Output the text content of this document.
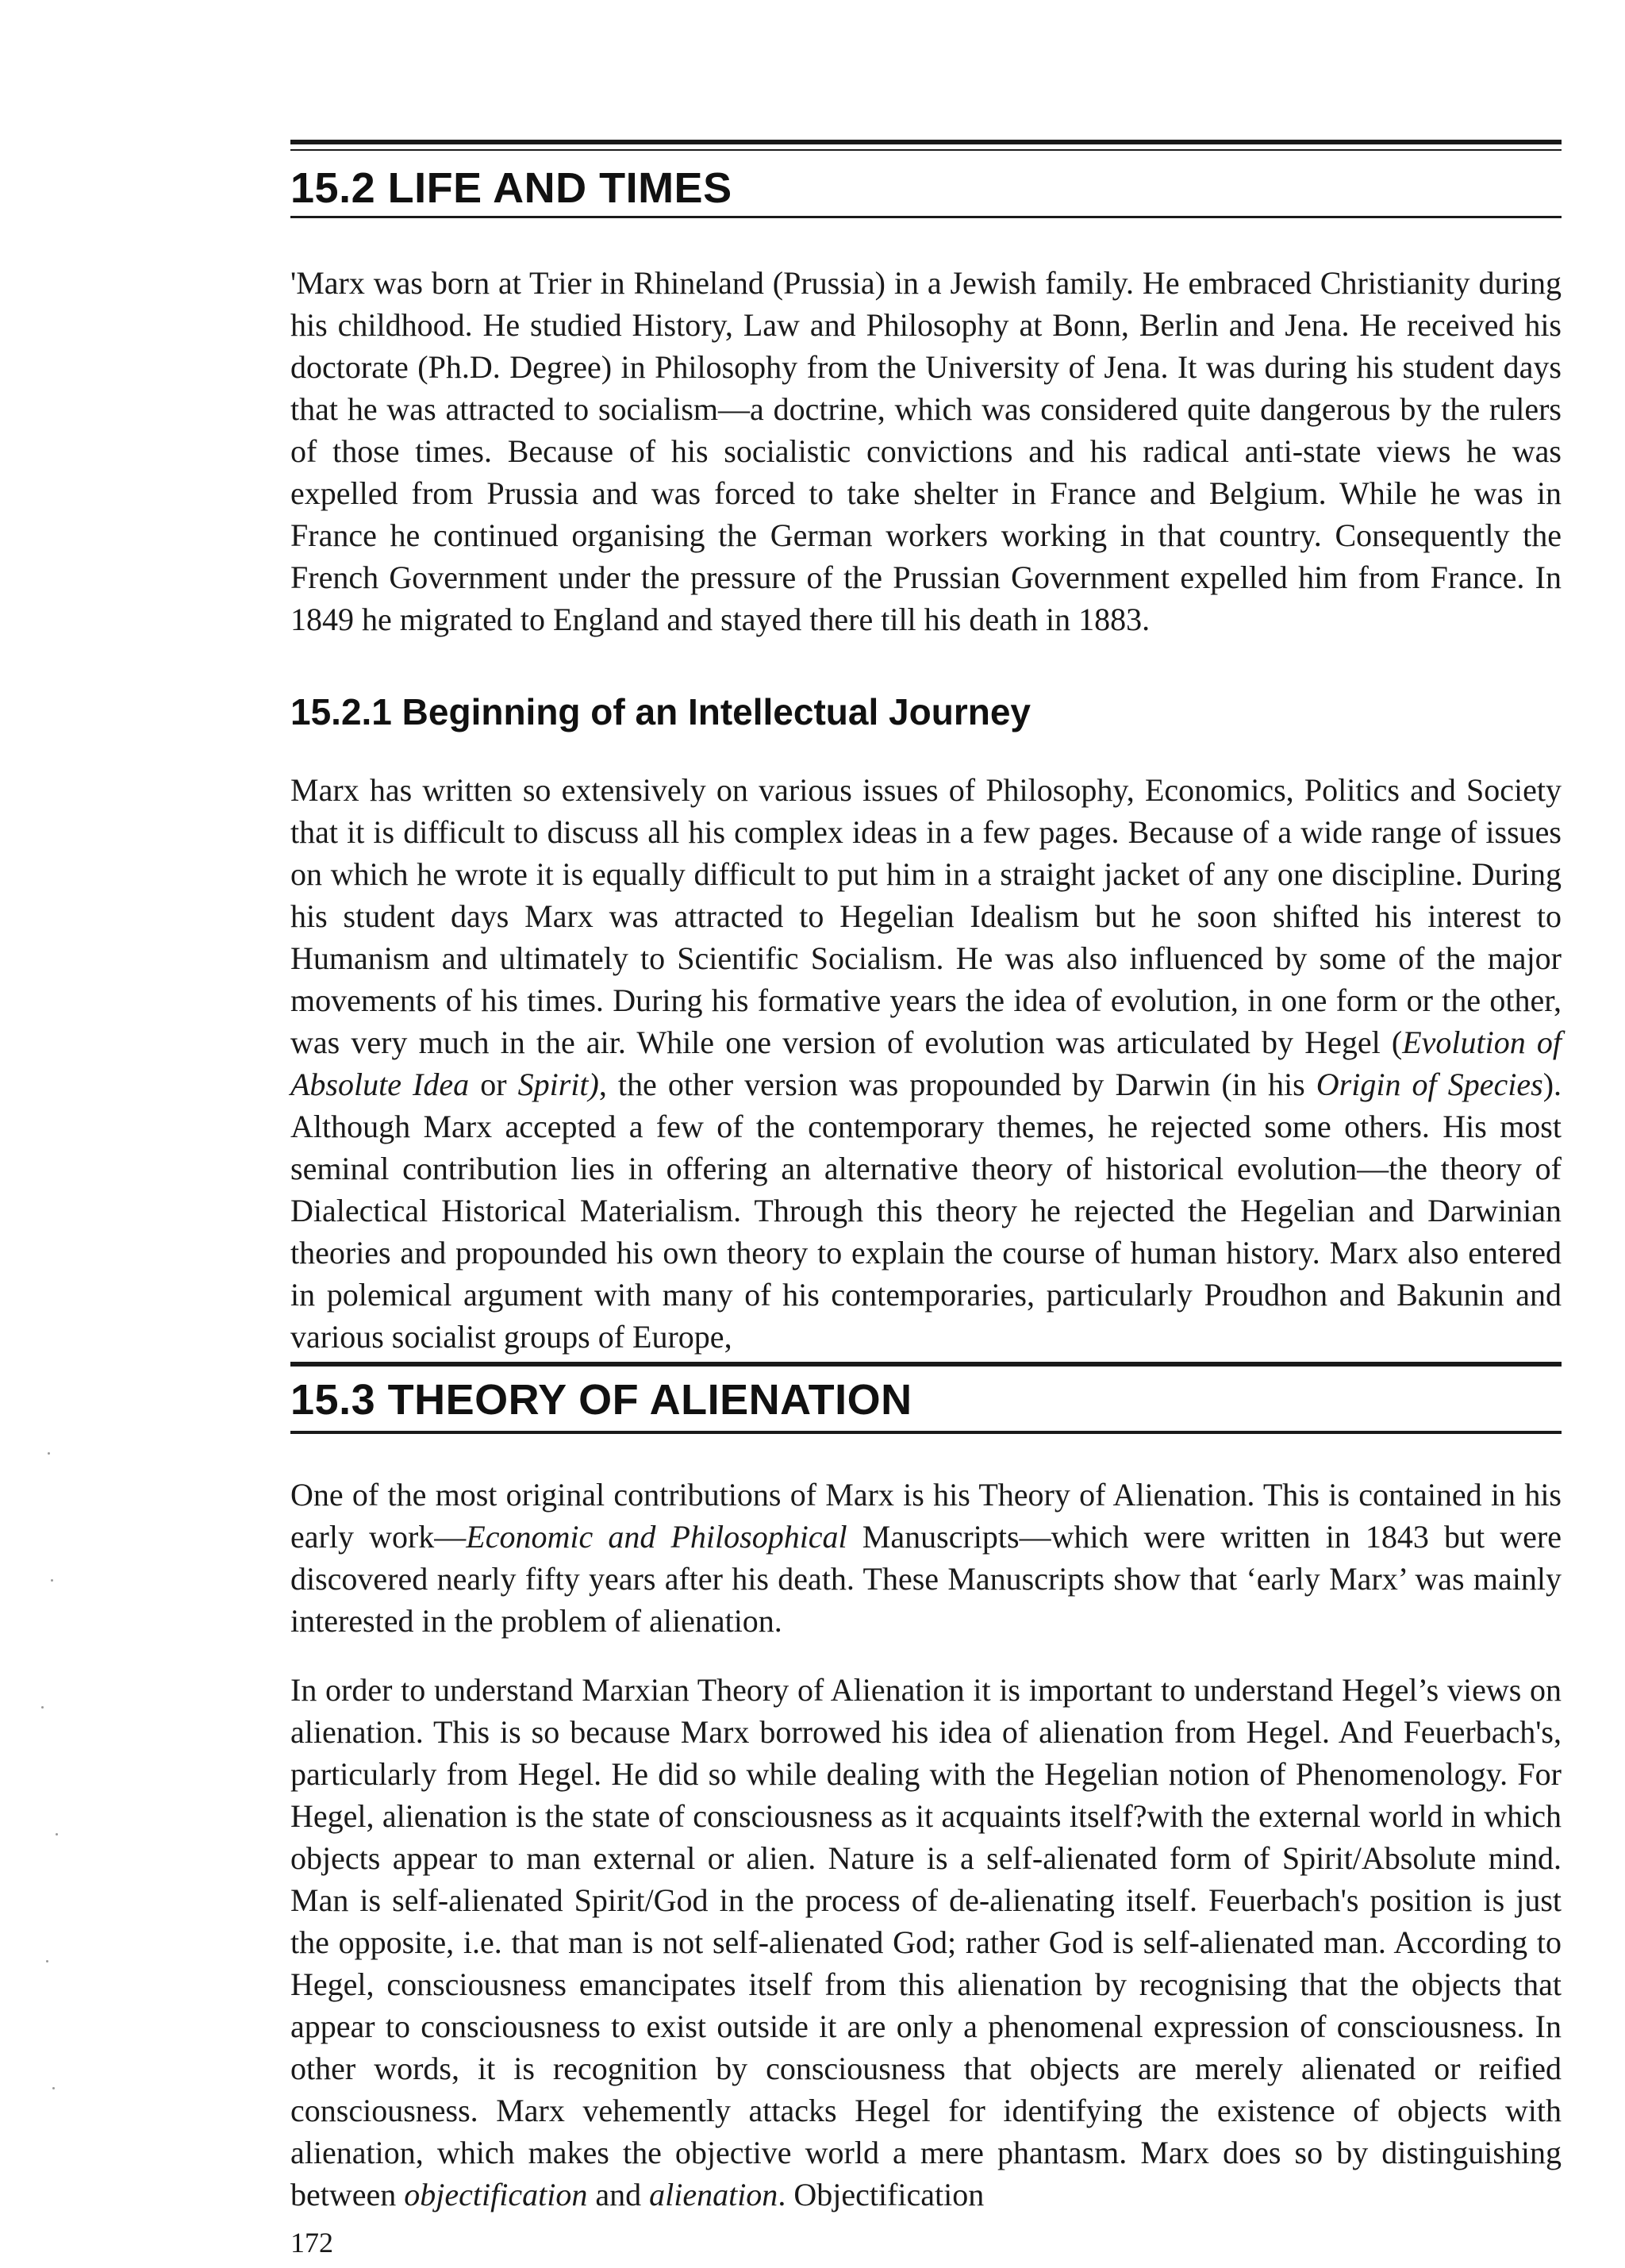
15.2 LIFE AND TIMES

'Marx was born at Trier in Rhineland (Prussia) in a Jewish family. He embraced Christianity during his childhood. He studied History, Law and Philosophy at Bonn, Berlin and Jena. He received his doctorate (Ph.D. Degree) in Philosophy from the University of Jena. It was during his student days that he was attracted to socialism—a doctrine, which was considered quite dangerous by the rulers of those times. Because of his socialistic convictions and his radical anti-state views he was expelled from Prussia and was forced to take shelter in France and Belgium. While he was in France he continued organising the German workers working in that country. Consequently the French Government under the pressure of the Prussian Government expelled him from France. In 1849 he migrated to England and stayed there till his death in 1883.

15.2.1 Beginning of an Intellectual Journey

Marx has written so extensively on various issues of Philosophy, Economics, Politics and Society that it is difficult to discuss all his complex ideas in a few pages. Because of a wide range of issues on which he wrote it is equally difficult to put him in a straight jacket of any one discipline. During his student days Marx was attracted to Hegelian Idealism but he soon shifted his interest to Humanism and ultimately to Scientific Socialism. He was also influenced by some of the major movements of his times. During his formative years the idea of evolution, in one form or the other, was very much in the air. While one version of evolution was articulated by Hegel (Evolution of Absolute Idea or Spirit), the other version was propounded by Darwin (in his Origin of Species). Although Marx accepted a few of the contemporary themes, he rejected some others. His most seminal contribution lies in offering an alternative theory of historical evolution—the theory of Dialectical Historical Materialism. Through this theory he rejected the Hegelian and Darwinian theories and propounded his own theory to explain the course of human history. Marx also entered in polemical argument with many of his contemporaries, particularly Proudhon and Bakunin and various socialist groups of Europe,

15.3 THEORY OF ALIENATION

One of the most original contributions of Marx is his Theory of Alienation. This is contained in his early work—Economic and Philosophical Manuscripts—which were written in 1843 but were discovered nearly fifty years after his death. These Manuscripts show that ‘early Marx’ was mainly interested in the problem of alienation.

In order to understand Marxian Theory of Alienation it is important to understand Hegel’s views on alienation. This is so because Marx borrowed his idea of alienation from Hegel. And Feuerbach's, particularly from Hegel. He did so while dealing with the Hegelian notion of Phenomenology. For Hegel, alienation is the state of consciousness as it acquaints itself?with the external world in which objects appear to man external or alien. Nature is a self-alienated form of Spirit/Absolute mind. Man is self-alienated Spirit/God in the process of de-alienating itself. Feuerbach's position is just the opposite, i.e. that man is not self-alienated God; rather God is self-alienated man. According to Hegel, consciousness emancipates itself from this alienation by recognising that the objects that appear to consciousness to exist outside it are only a phenomenal expression of consciousness. In other words, it is recognition by consciousness that objects are merely alienated or reified consciousness. Marx vehemently attacks Hegel for identifying the existence of objects with alienation, which makes the objective world a mere phantasm. Marx does so by distinguishing between objectification and alienation. Objectification

172
